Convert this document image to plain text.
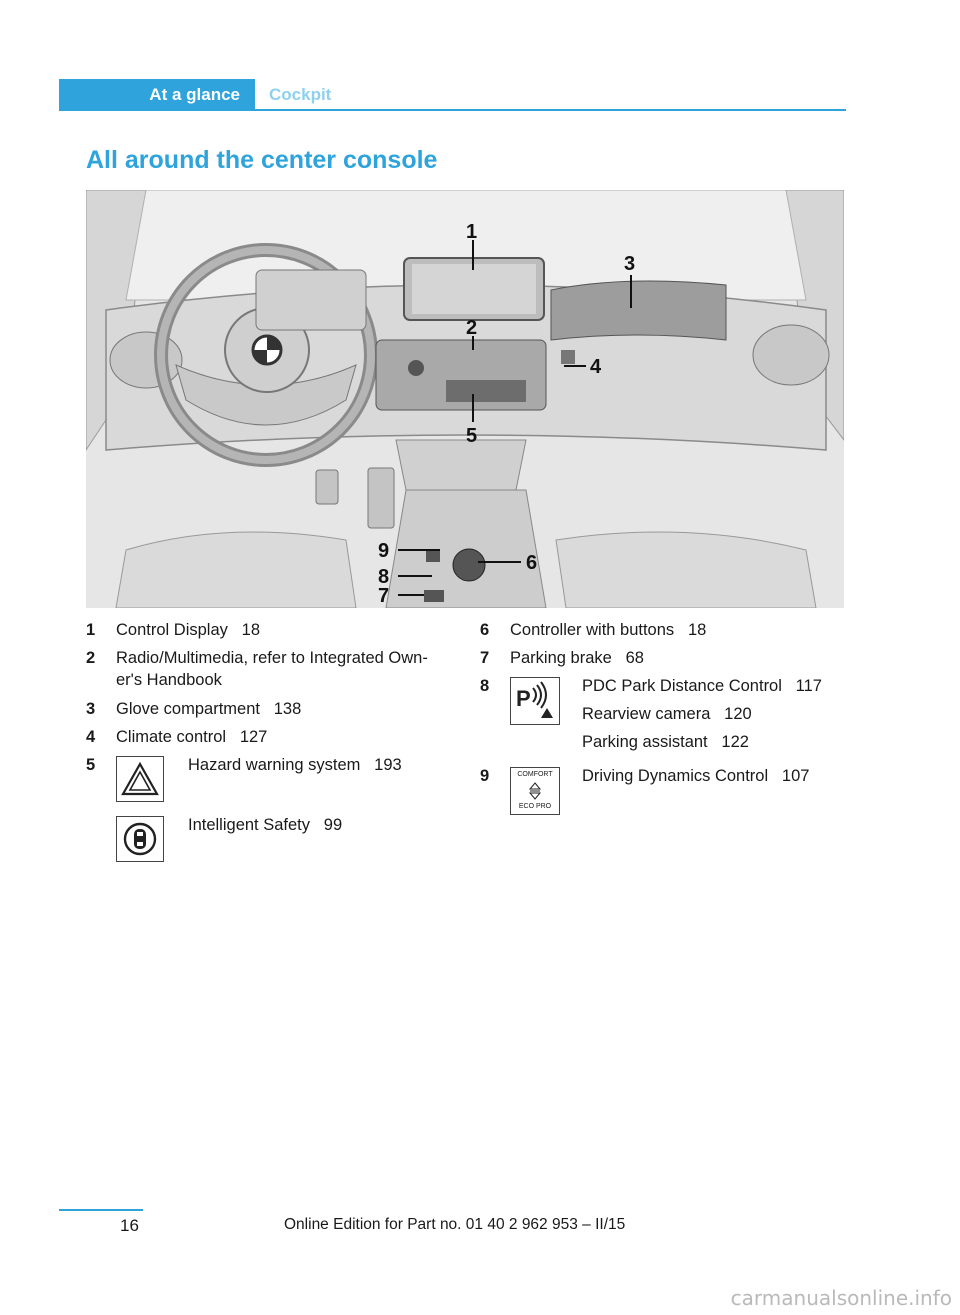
At a glance Cockpit
All around the center console
1
3
2
4
5
6
9
8
7
1 Control Display 18
2 Radio/Multimedia, refer to Integrated Own-
er's Handbook
3 Glove compartment 138
4 Climate control 127
5	Hazard warning system 193
Intelligent Safety 99
6 Controller with buttons 18
7 Parking brake 68
8 P	PDC Park Distance Control 117
Rearview camera 120
Parking assistant 122
9	COMFORT
ECO PRO
Driving Dynamics Control 107
16	Online Edition for Part no. 01 40 2 962 953 – II/15
carmanualsonline.info
